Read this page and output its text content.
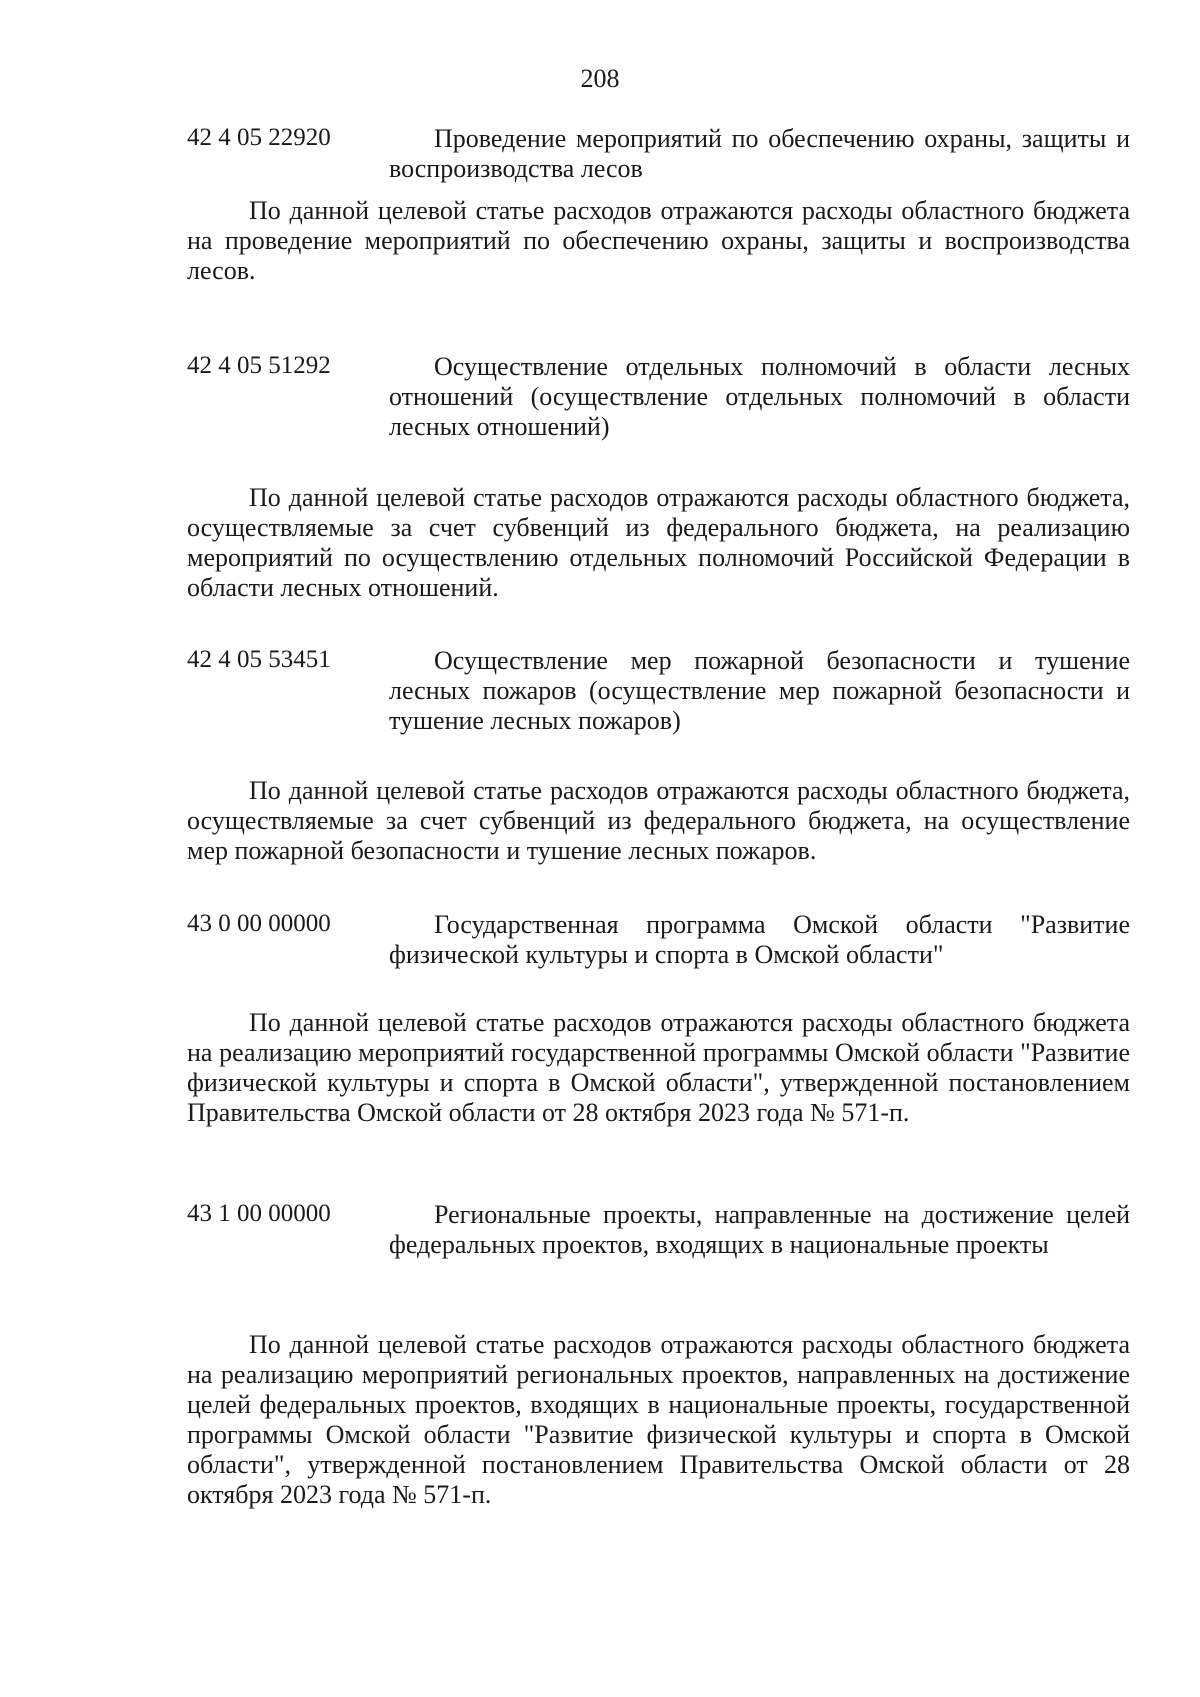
208
42 4 05 22920	Проведение мероприятий по обеспечению охраны, защиты и воспроизводства лесов

По данной целевой статье расходов отражаются расходы областного бюджета на проведение мероприятий по обеспечению охраны, защиты и воспроизводства лесов.

42 4 05 51292	Осуществление отдельных полномочий в области лесных отношений (осуществление отдельных полномочий в области лесных отношений)

По данной целевой статье расходов отражаются расходы областного бюджета, осуществляемые за счет субвенций из федерального бюджета, на реализацию мероприятий по осуществлению отдельных полномочий Российской Федерации в области лесных отношений.

42 4 05 53451	Осуществление мер пожарной безопасности и тушение лесных пожаров (осуществление мер пожарной безопасности и тушение лесных пожаров)

По данной целевой статье расходов отражаются расходы областного бюджета, осуществляемые за счет субвенций из федерального бюджета, на осуществление мер пожарной безопасности и тушение лесных пожаров.

43 0 00 00000	Государственная программа Омской области "Развитие физической культуры и спорта в Омской области"

По данной целевой статье расходов отражаются расходы областного бюджета на реализацию мероприятий государственной программы Омской области "Развитие физической культуры и спорта в Омской области", утвержденной постановлением Правительства Омской области от 28 октября 2023 года № 571-п.

43 1 00 00000	Региональные проекты, направленные на достижение целей федеральных проектов, входящих в национальные проекты

По данной целевой статье расходов отражаются расходы областного бюджета на реализацию мероприятий региональных проектов, направленных на достижение целей федеральных проектов, входящих в национальные проекты, государственной программы Омской области "Развитие физической культуры и спорта в Омской области", утвержденной постановлением Правительства Омской области от 28 октября 2023 года № 571-п.
